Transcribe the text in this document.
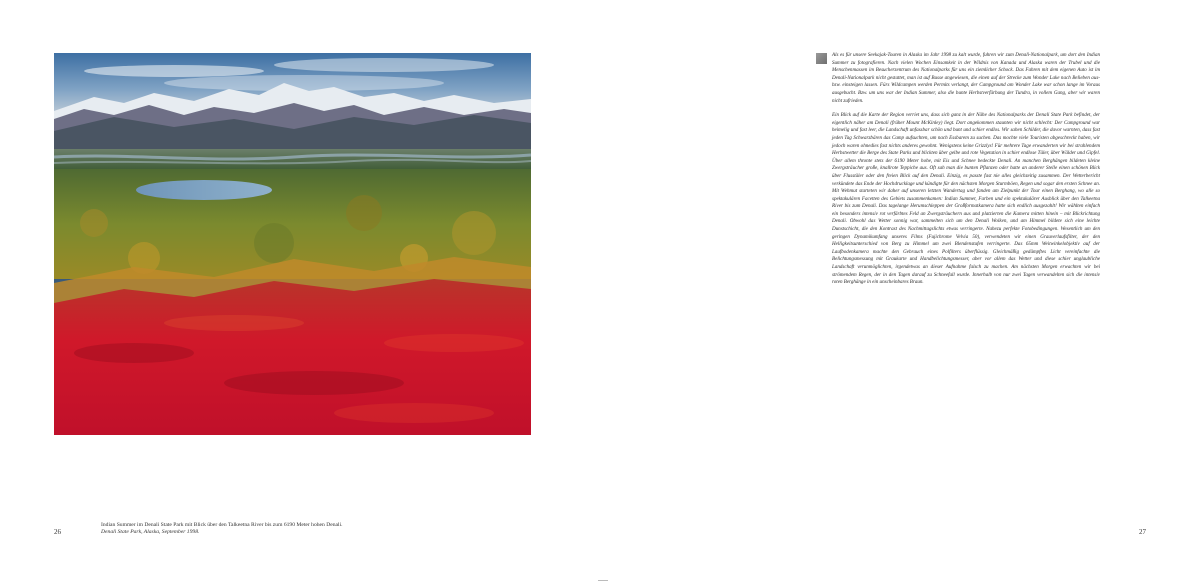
Indian Summer im Denali State Park mit Blick über den Talkeetna River bis zum 6190 Meter hohen Denali.
Denali State Park, Alaska, September 1998.
26	27

Als es für unsere Seekajak-Touren in Alaska im Jahr 1998 zu kalt wurde, fuhren wir zum Denali-Nationalpark, um dort den Indian Summer zu fotografieren. Nach vielen Wochen Einsamkeit in der Wildnis von Kanada und Alaska waren der Trubel und die Menschenmassen im Besucherzentrum des Nationalparks für uns ein ziemlicher Schock. Das Fahren mit dem eigenen Auto ist im Denali-Nationalpark nicht gestattet, man ist auf Busse angewiesen, die einen auf der Strecke zum Wonder Lake nach Belieben aus- bzw. einsteigen lassen. Fürs Wildcampen werden Permits verlangt, der Campground am Wonder Lake war schon lange im Voraus ausgebucht. Bzw. um uns war der Indian Summer, also die bunte Herbstverfärbung der Tundra, in vollem Gang, aber wir waren nicht zufrieden.

Ein Blick auf die Karte der Region verriet uns, dass sich ganz in der Nähe des Nationalparks der Denali State Park befindet, der eigentlich näher am Denali (früher Mount McKinley) liegt. Dort angekommen staunten wir nicht schlecht: Der Campground war heimelig und fast leer, die Landschaft unfassbar schön und bunt und schier endlos. Wir sahen Schilder, die davor warnten, dass fast jeden Tag Schwarzbären das Camp aufsuchten, um nach Essbarem zu suchen. Das mochte viele Touristen abgeschreckt haben, wir jedoch waren ohnedies fast nichts anderes gewohnt. Wenigstens keine Grizzlys! Für mehrere Tage erwanderten wir bei strahlendem Herbstwetter die Berge des State Parks und blickten über gelbe und rote Vegetation in schier endlose Täler, über Wälder und Gipfel. Über allem thronte stets der 6190 Meter hohe, mit Eis und Schnee bedeckte Denali. An manchen Berghängen bildeten kleine Zwergsträucher große, knallrote Teppiche aus. Oft sah man die bunten Pflanzen oder hatte an anderer Stelle einen schönen Blick über Flusstäler oder den freien Blick auf den Denali. Einzig, es passte fast nie alles gleichzeitig zusammen. Der Wetterbericht verkündete das Ende der Hochdrucklage und kündigte für den nächsten Morgen Sturmböen, Regen und sogar den ersten Schnee an. Mit Wehmut starteten wir daher auf unseren letzten Wandertag und fanden am Zielpunkt der Tour einen Berghang, wo alle so spektakulären Facetten des Gebiets zusammenkamen: Indian Summer, Farben und ein spektakulärer Ausblick über den Talkeetna River bis zum Denali. Das tagelange Herumschleppen der Großformatkamera hatte sich endlich ausgezahlt! Wir wählten einfach ein besonders intensiv rot verfärbtes Feld an Zwergsträuchern aus und platzierten die Kamera mitten hinein – mit Blickrichtung Denali. Obwohl das Wetter sonnig war, sammelten sich um den Denali Wolken, und am Himmel bildete sich eine leichte Dunstschicht, die den Kontrast des Nachmittagslichts etwas verringerte. Nahezu perfekte Fotobedingungen. Wesentlich um den geringen Dynamikumfang unseres Films (Fujichrome Velvia 50), verwendeten wir einen Grauverlaufsfilter, der den Helligkeitsunterschied von Berg zu Himmel um zwei Blendenstufen verringerte. Das 65mm Weitwinkelobjektiv auf der Laufbodenkamera machte den Gebrauch eines Polfilters überflüssig. Gleichmäßig gedämpftes Licht vereinfachte die Belichtungsmessung mit Graukarte und Handbelichtungsmesser, aber vor allem das Wetter und diese schier unglaubliche Landschaft verunmöglichten, irgendetwas an dieser Aufnahme falsch zu machen. Am nächsten Morgen erwachten wir bei strömendem Regen, der in den Tagen darauf zu Schneefall wurde. Innerhalb von nur zwei Tagen verwandelten sich die intensiv roten Berghänge in ein unscheinbares Braun.
